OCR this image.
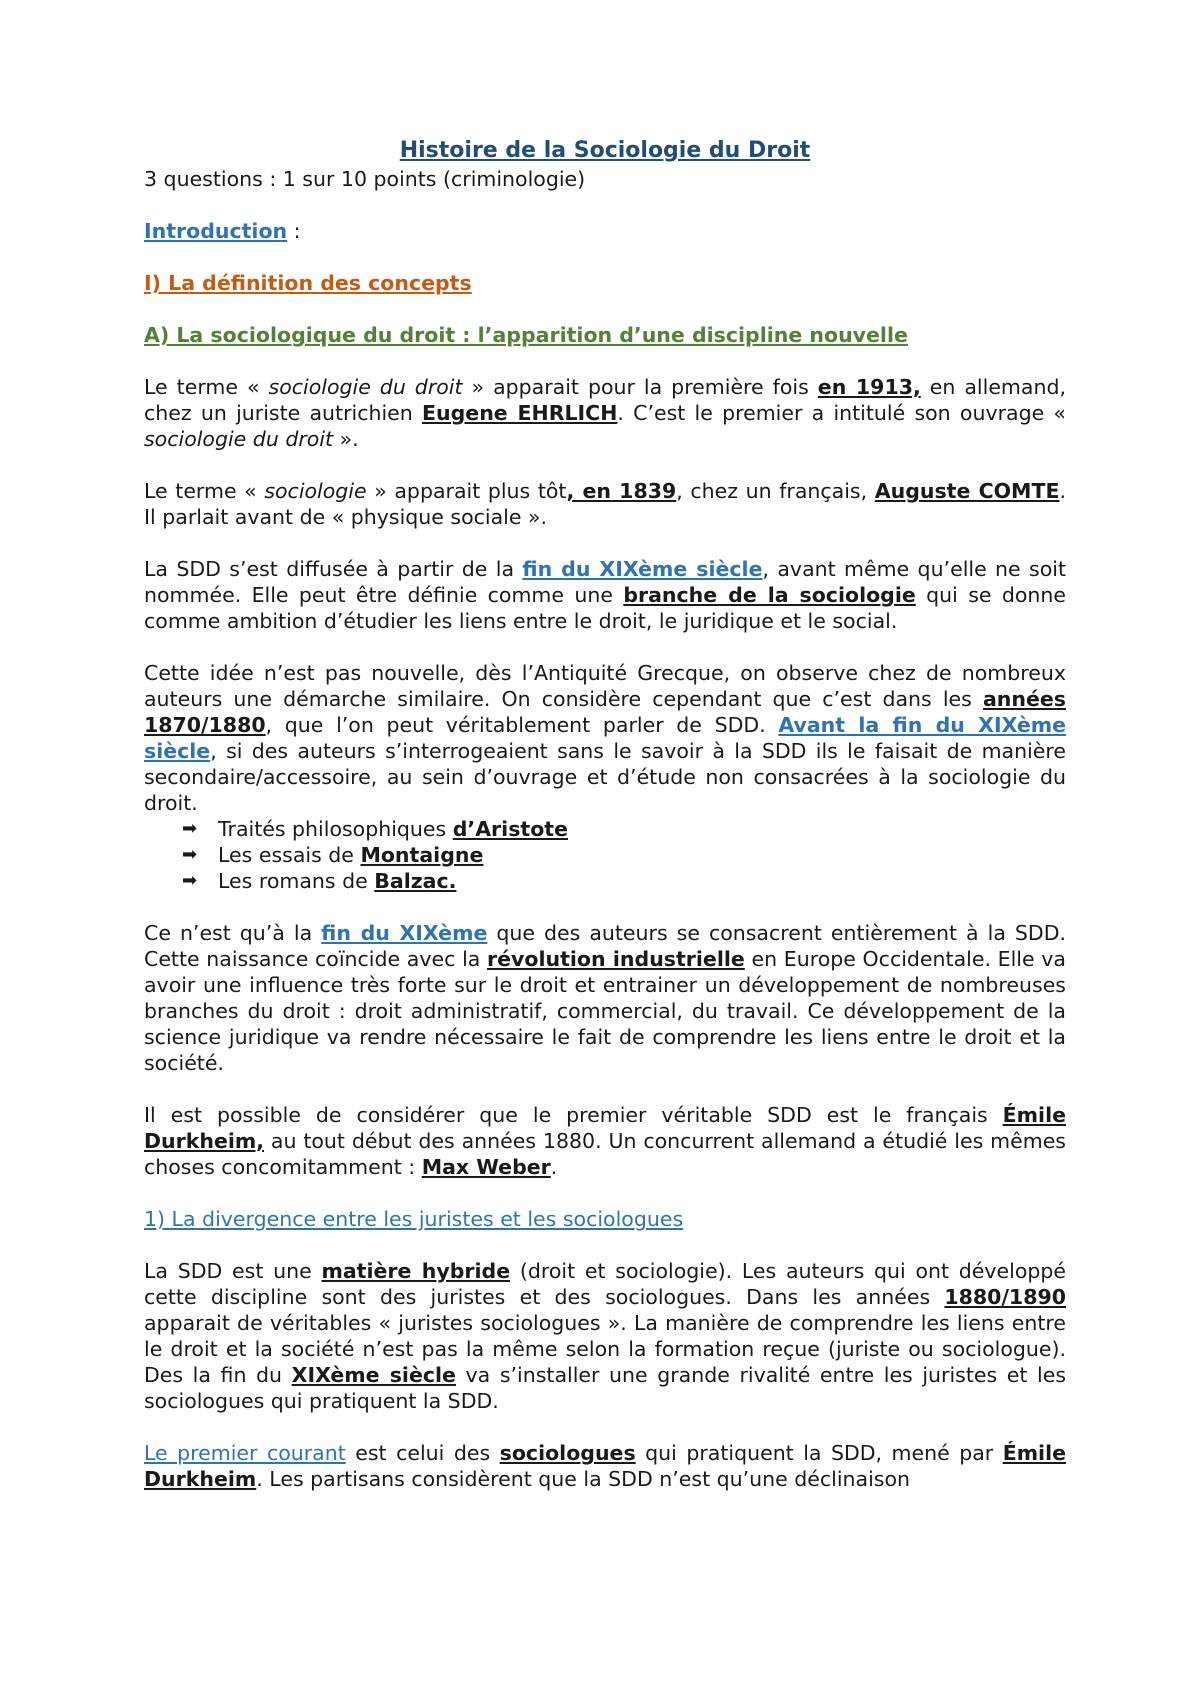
Histoire de la Sociologie du Droit

3 questions : 1 sur 10 points (criminologie)

Introduction :

I) La définition des concepts

A) La sociologique du droit : l’apparition d’une discipline nouvelle

Le terme « sociologie du droit » apparait pour la première fois en 1913, en allemand, chez un juriste autrichien Eugene EHRLICH. C’est le premier a intitulé son ouvrage « sociologie du droit ».

Le terme « sociologie » apparait plus tôt, en 1839, chez un français, Auguste COMTE. Il parlait avant de « physique sociale ».

La SDD s’est diffusée à partir de la fin du XIXème siècle, avant même qu’elle ne soit nommée. Elle peut être définie comme une branche de la sociologie qui se donne comme ambition d’étudier les liens entre le droit, le juridique et le social.

Cette idée n’est pas nouvelle, dès l’Antiquité Grecque, on observe chez de nombreux auteurs une démarche similaire. On considère cependant que c’est dans les années 1870/1880, que l’on peut véritablement parler de SDD. Avant la fin du XIXème siècle, si des auteurs s’interrogeaient sans le savoir à la SDD ils le faisait de manière secondaire/accessoire, au sein d’ouvrage et d’étude non consacrées à la sociologie du droit.

➡ Traités philosophiques d’Aristote
➡ Les essais de Montaigne
➡ Les romans de Balzac.

Ce n’est qu’à la fin du XIXème que des auteurs se consacrent entièrement à la SDD. Cette naissance coïncide avec la révolution industrielle en Europe Occidentale. Elle va avoir une influence très forte sur le droit et entrainer un développement de nombreuses branches du droit : droit administratif, commercial, du travail. Ce développement de la science juridique va rendre nécessaire le fait de comprendre les liens entre le droit et la société.

Il est possible de considérer que le premier véritable SDD est le français Émile Durkheim, au tout début des années 1880. Un concurrent allemand a étudié les mêmes choses concomitamment : Max Weber.

1) La divergence entre les juristes et les sociologues

La SDD est une matière hybride (droit et sociologie). Les auteurs qui ont développé cette discipline sont des juristes et des sociologues. Dans les années 1880/1890 apparait de véritables « juristes sociologues ». La manière de comprendre les liens entre le droit et la société n’est pas la même selon la formation reçue (juriste ou sociologue). Des la fin du XIXème siècle va s’installer une grande rivalité entre les juristes et les sociologues qui pratiquent la SDD.

Le premier courant est celui des sociologues qui pratiquent la SDD, mené par Émile Durkheim. Les partisans considèrent que la SDD n’est qu’une déclinaison
